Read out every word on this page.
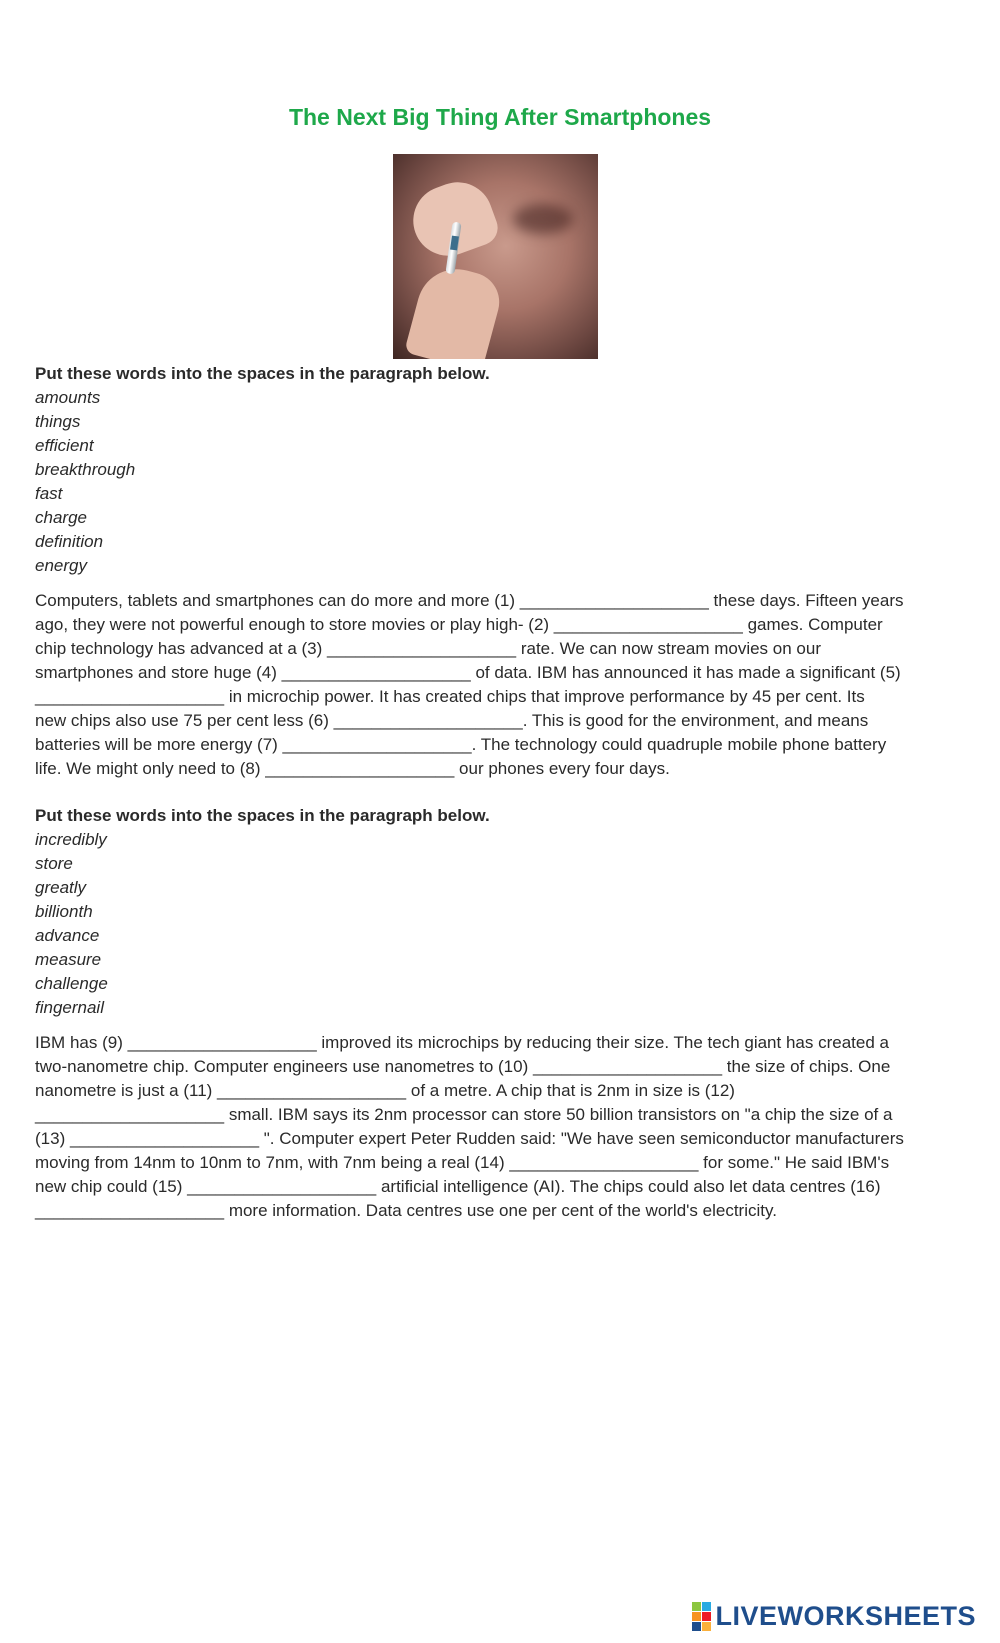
The Next Big Thing After Smartphones
Put these words into the spaces in the paragraph below.
amounts
things
efficient
breakthrough
fast
charge
definition
energy
Computers, tablets and smartphones can do more and more (1) ____________________ these days. Fifteen years
ago, they were not powerful enough to store movies or play high- (2) ____________________ games. Computer
chip technology has advanced at a (3) ____________________ rate. We can now stream movies on our
smartphones and store huge (4) ____________________ of data. IBM has announced it has made a significant (5)
____________________ in microchip power. It has created chips that improve performance by 45 per cent. Its
new chips also use 75 per cent less (6) ____________________. This is good for the environment, and means
batteries will be more energy (7) ____________________. The technology could quadruple mobile phone battery
life. We might only need to (8) ____________________ our phones every four days.
Put these words into the spaces in the paragraph below.
incredibly
store
greatly
billionth
advance
measure
challenge
fingernail
IBM has (9) ____________________ improved its microchips by reducing their size. The tech giant has created a
two-nanometre chip. Computer engineers use nanometres to (10) ____________________ the size of chips. One
nanometre is just a (11) ____________________ of a metre. A chip that is 2nm in size is (12)
____________________ small. IBM says its 2nm processor can store 50 billion transistors on "a chip the size of a
(13) ____________________ ". Computer expert Peter Rudden said: "We have seen semiconductor manufacturers
moving from 14nm to 10nm to 7nm, with 7nm being a real (14) ____________________ for some." He said IBM's
new chip could (15) ____________________ artificial intelligence (AI). The chips could also let data centres (16)
____________________ more information. Data centres use one per cent of the world's electricity.
LIVEWORKSHEETS
